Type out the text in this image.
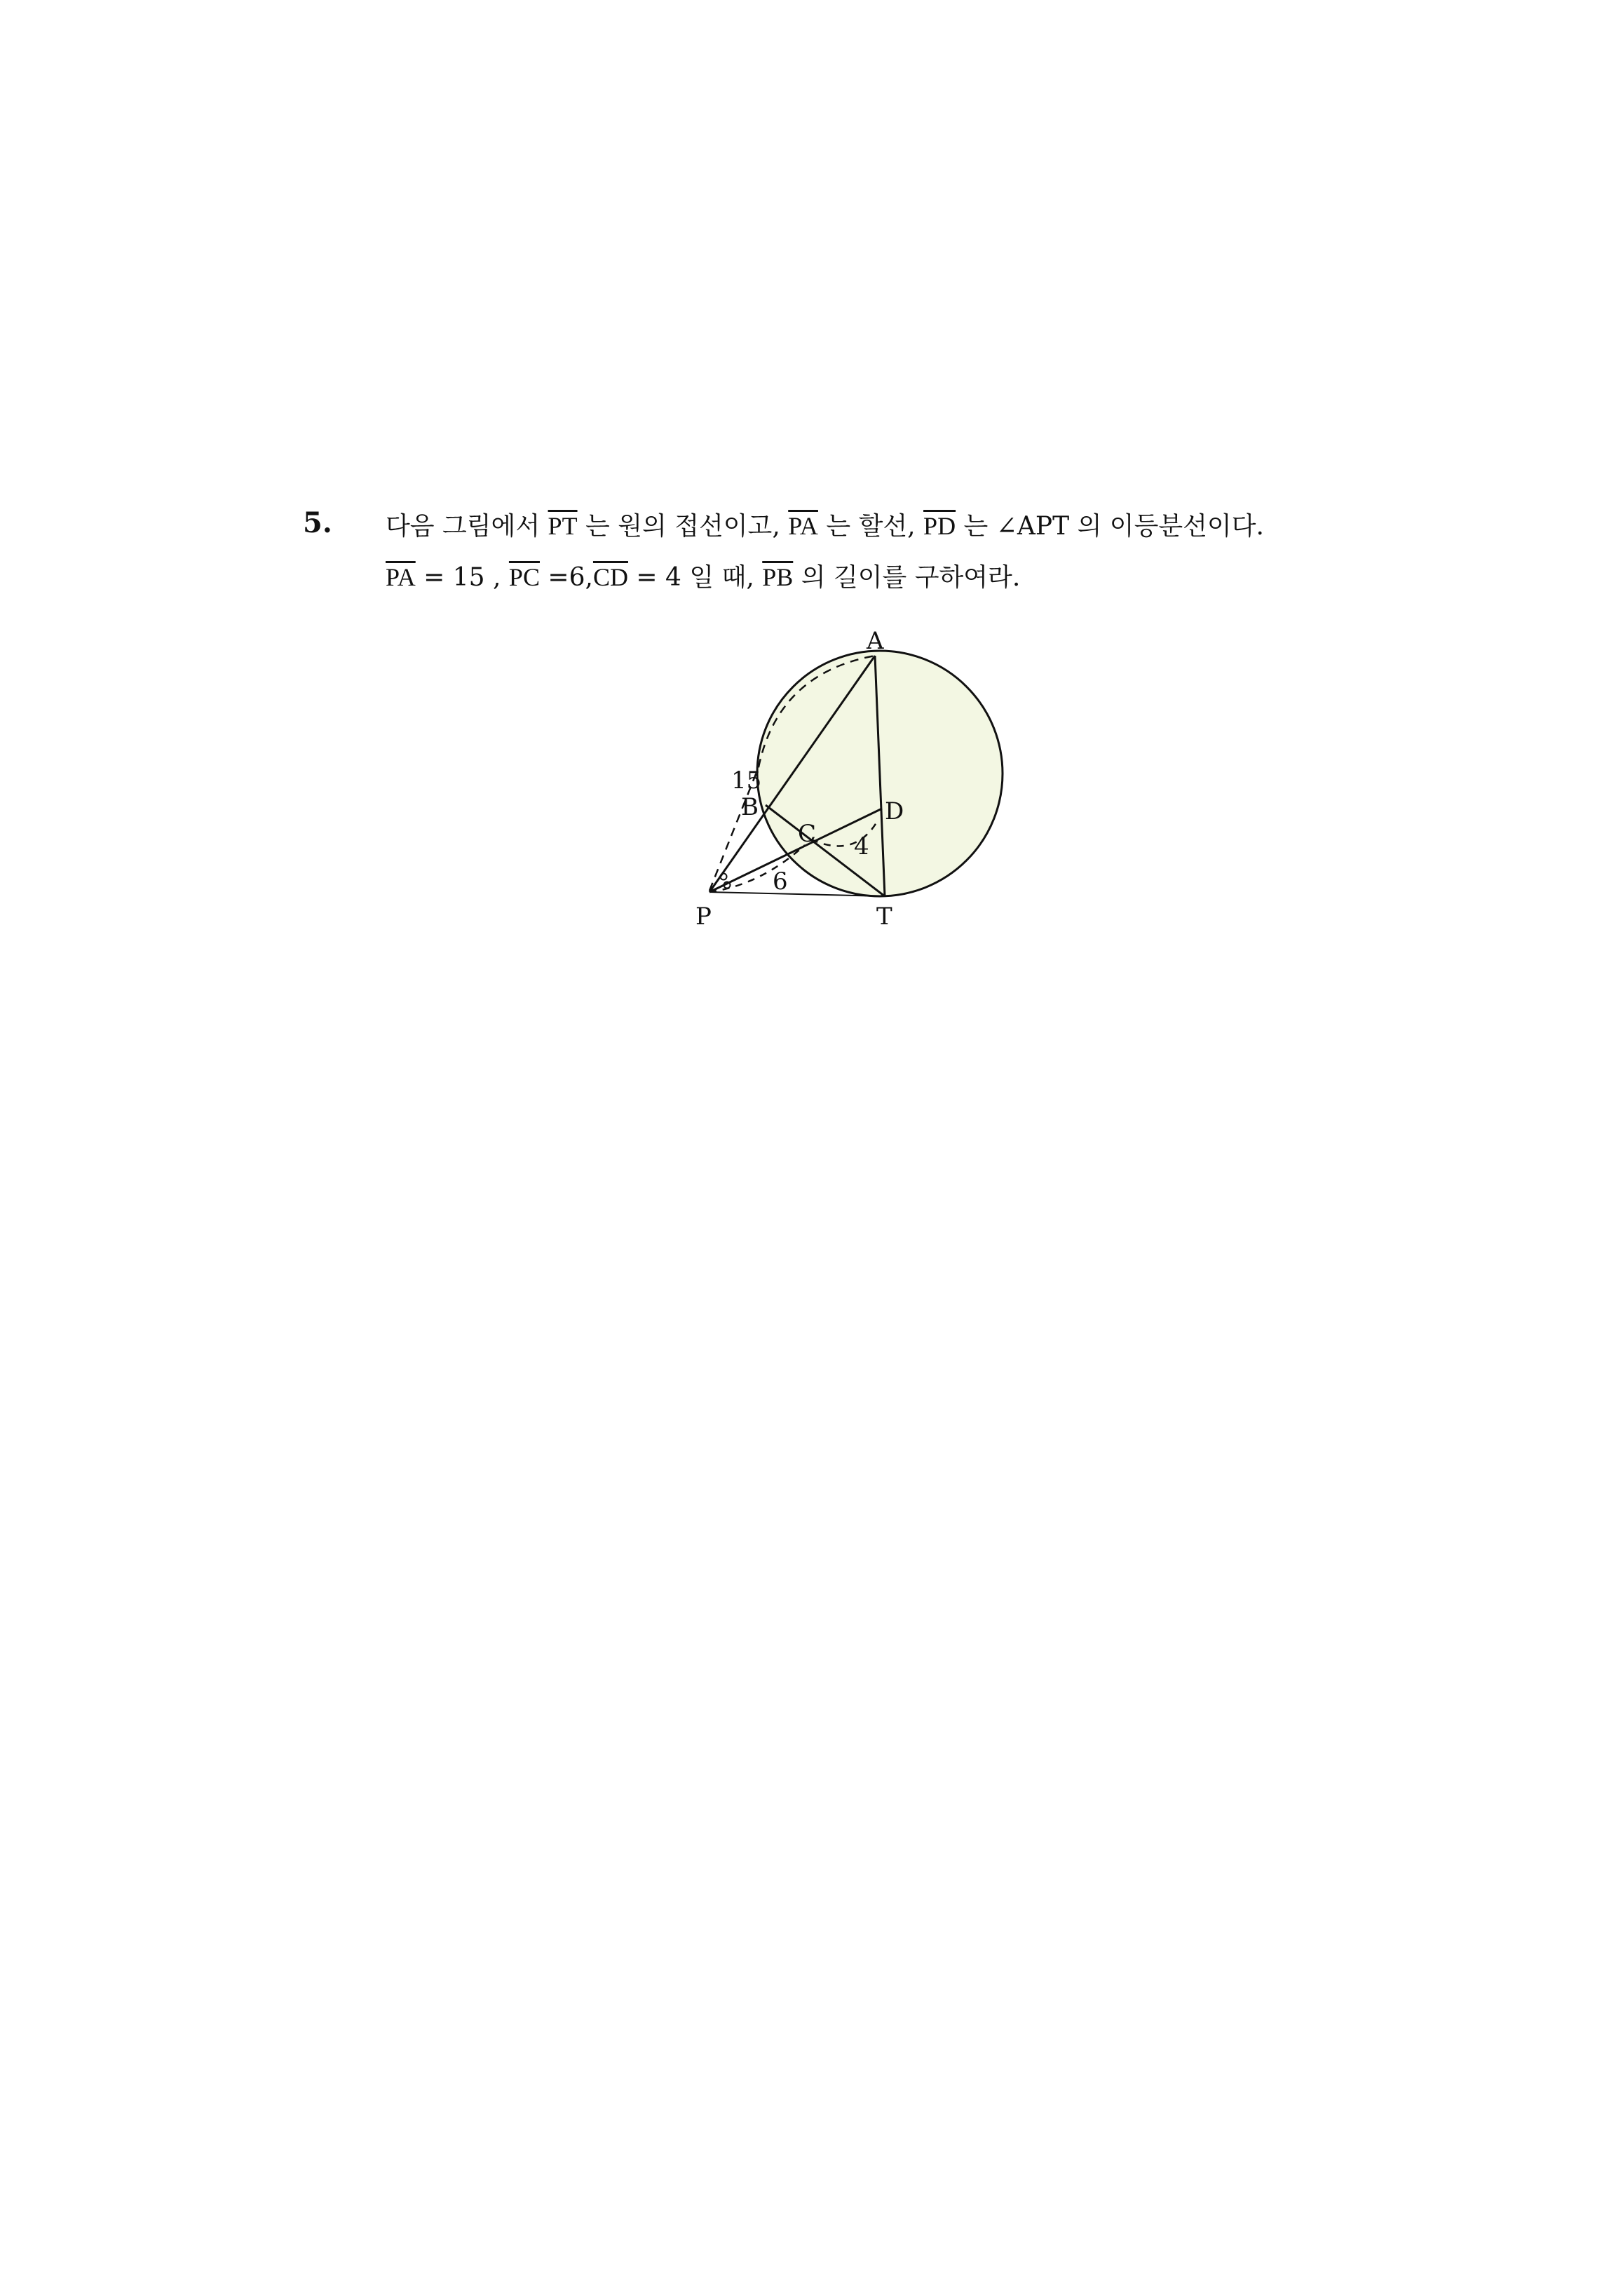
5. 다음 그림에서 $\overline{PT}$ 는 원의 접선이고, $\overline{PA}$ 는 할선, $\overline{PD}$ 는 ∠APT 의 이등분선이다.
$\overline{PA} = 15$ , $\overline{PC} =6,\overline{CD} = 4$ 일 때, $\overline{PB}$ 의 길이를 구하여라.
A
B
C
D
P	T
15
6
4
